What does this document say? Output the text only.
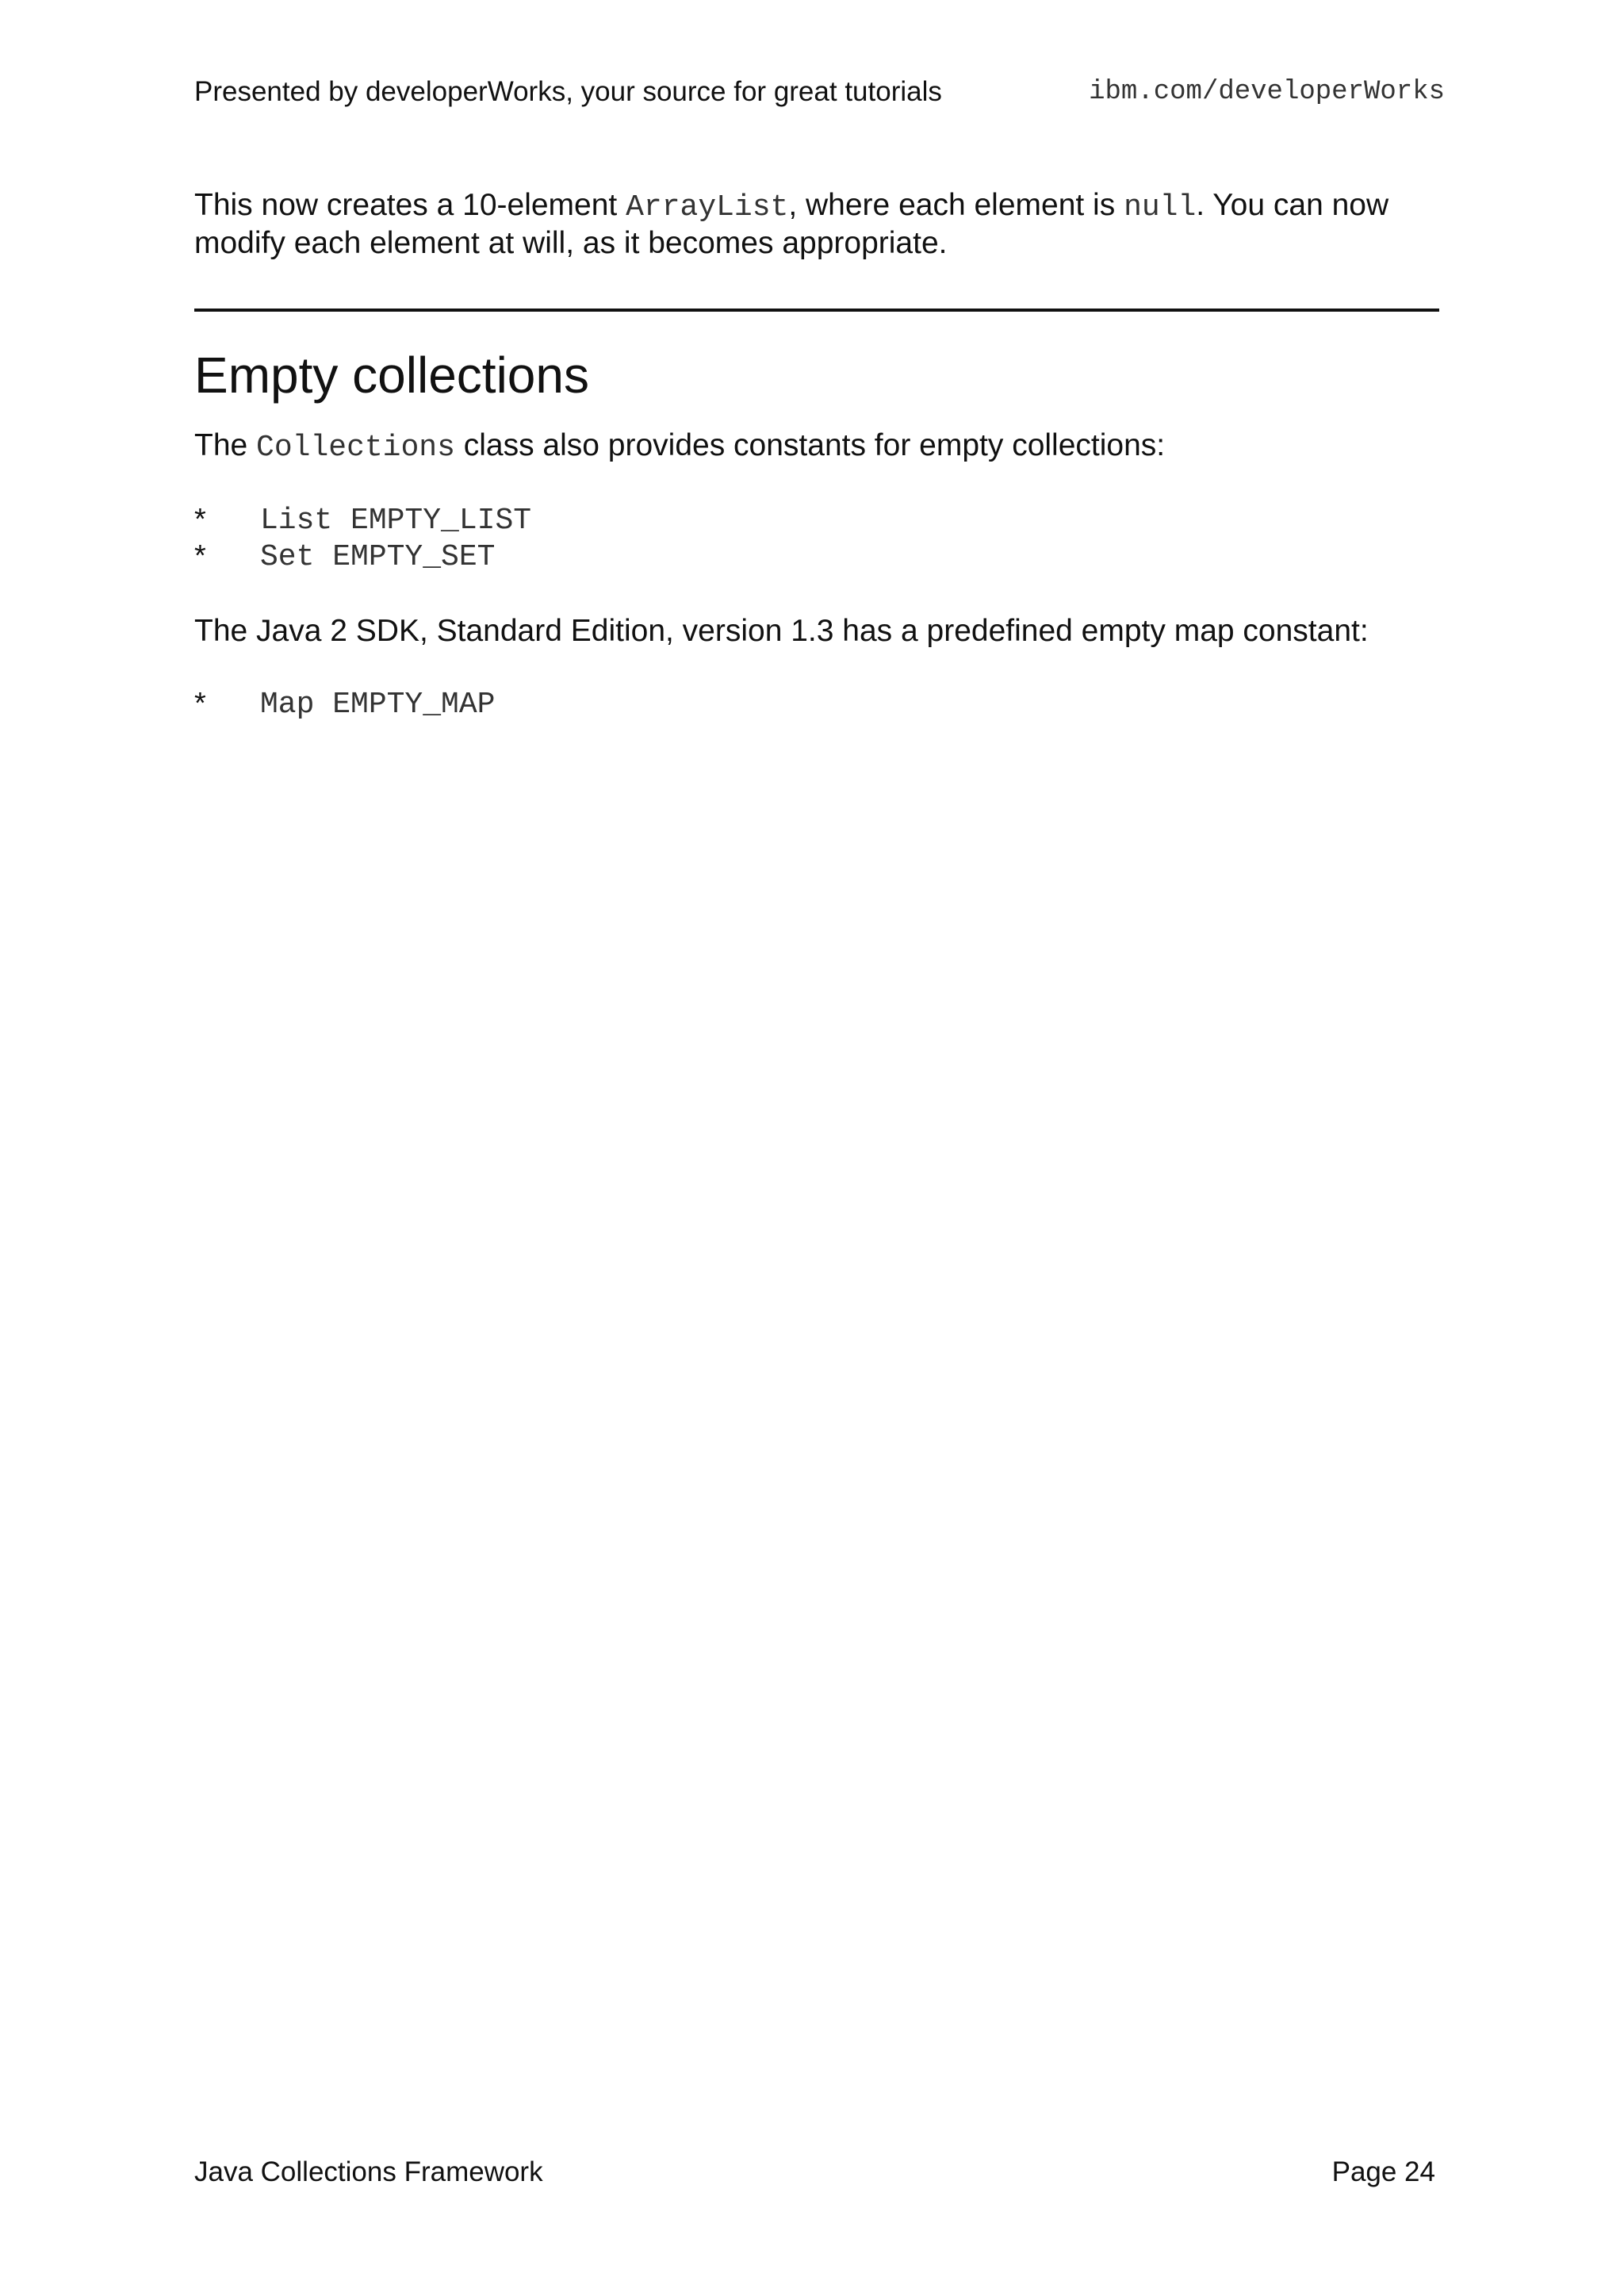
Presented by developerWorks, your source for great tutorials	ibm.com/developerWorks
This now creates a 10-element ArrayList, where each element is null. You can now modify each element at will, as it becomes appropriate.
Empty collections
The Collections class also provides constants for empty collections:
* List EMPTY_LIST
* Set EMPTY_SET
The Java 2 SDK, Standard Edition, version 1.3 has a predefined empty map constant:
* Map EMPTY_MAP
Java Collections Framework	Page 24
